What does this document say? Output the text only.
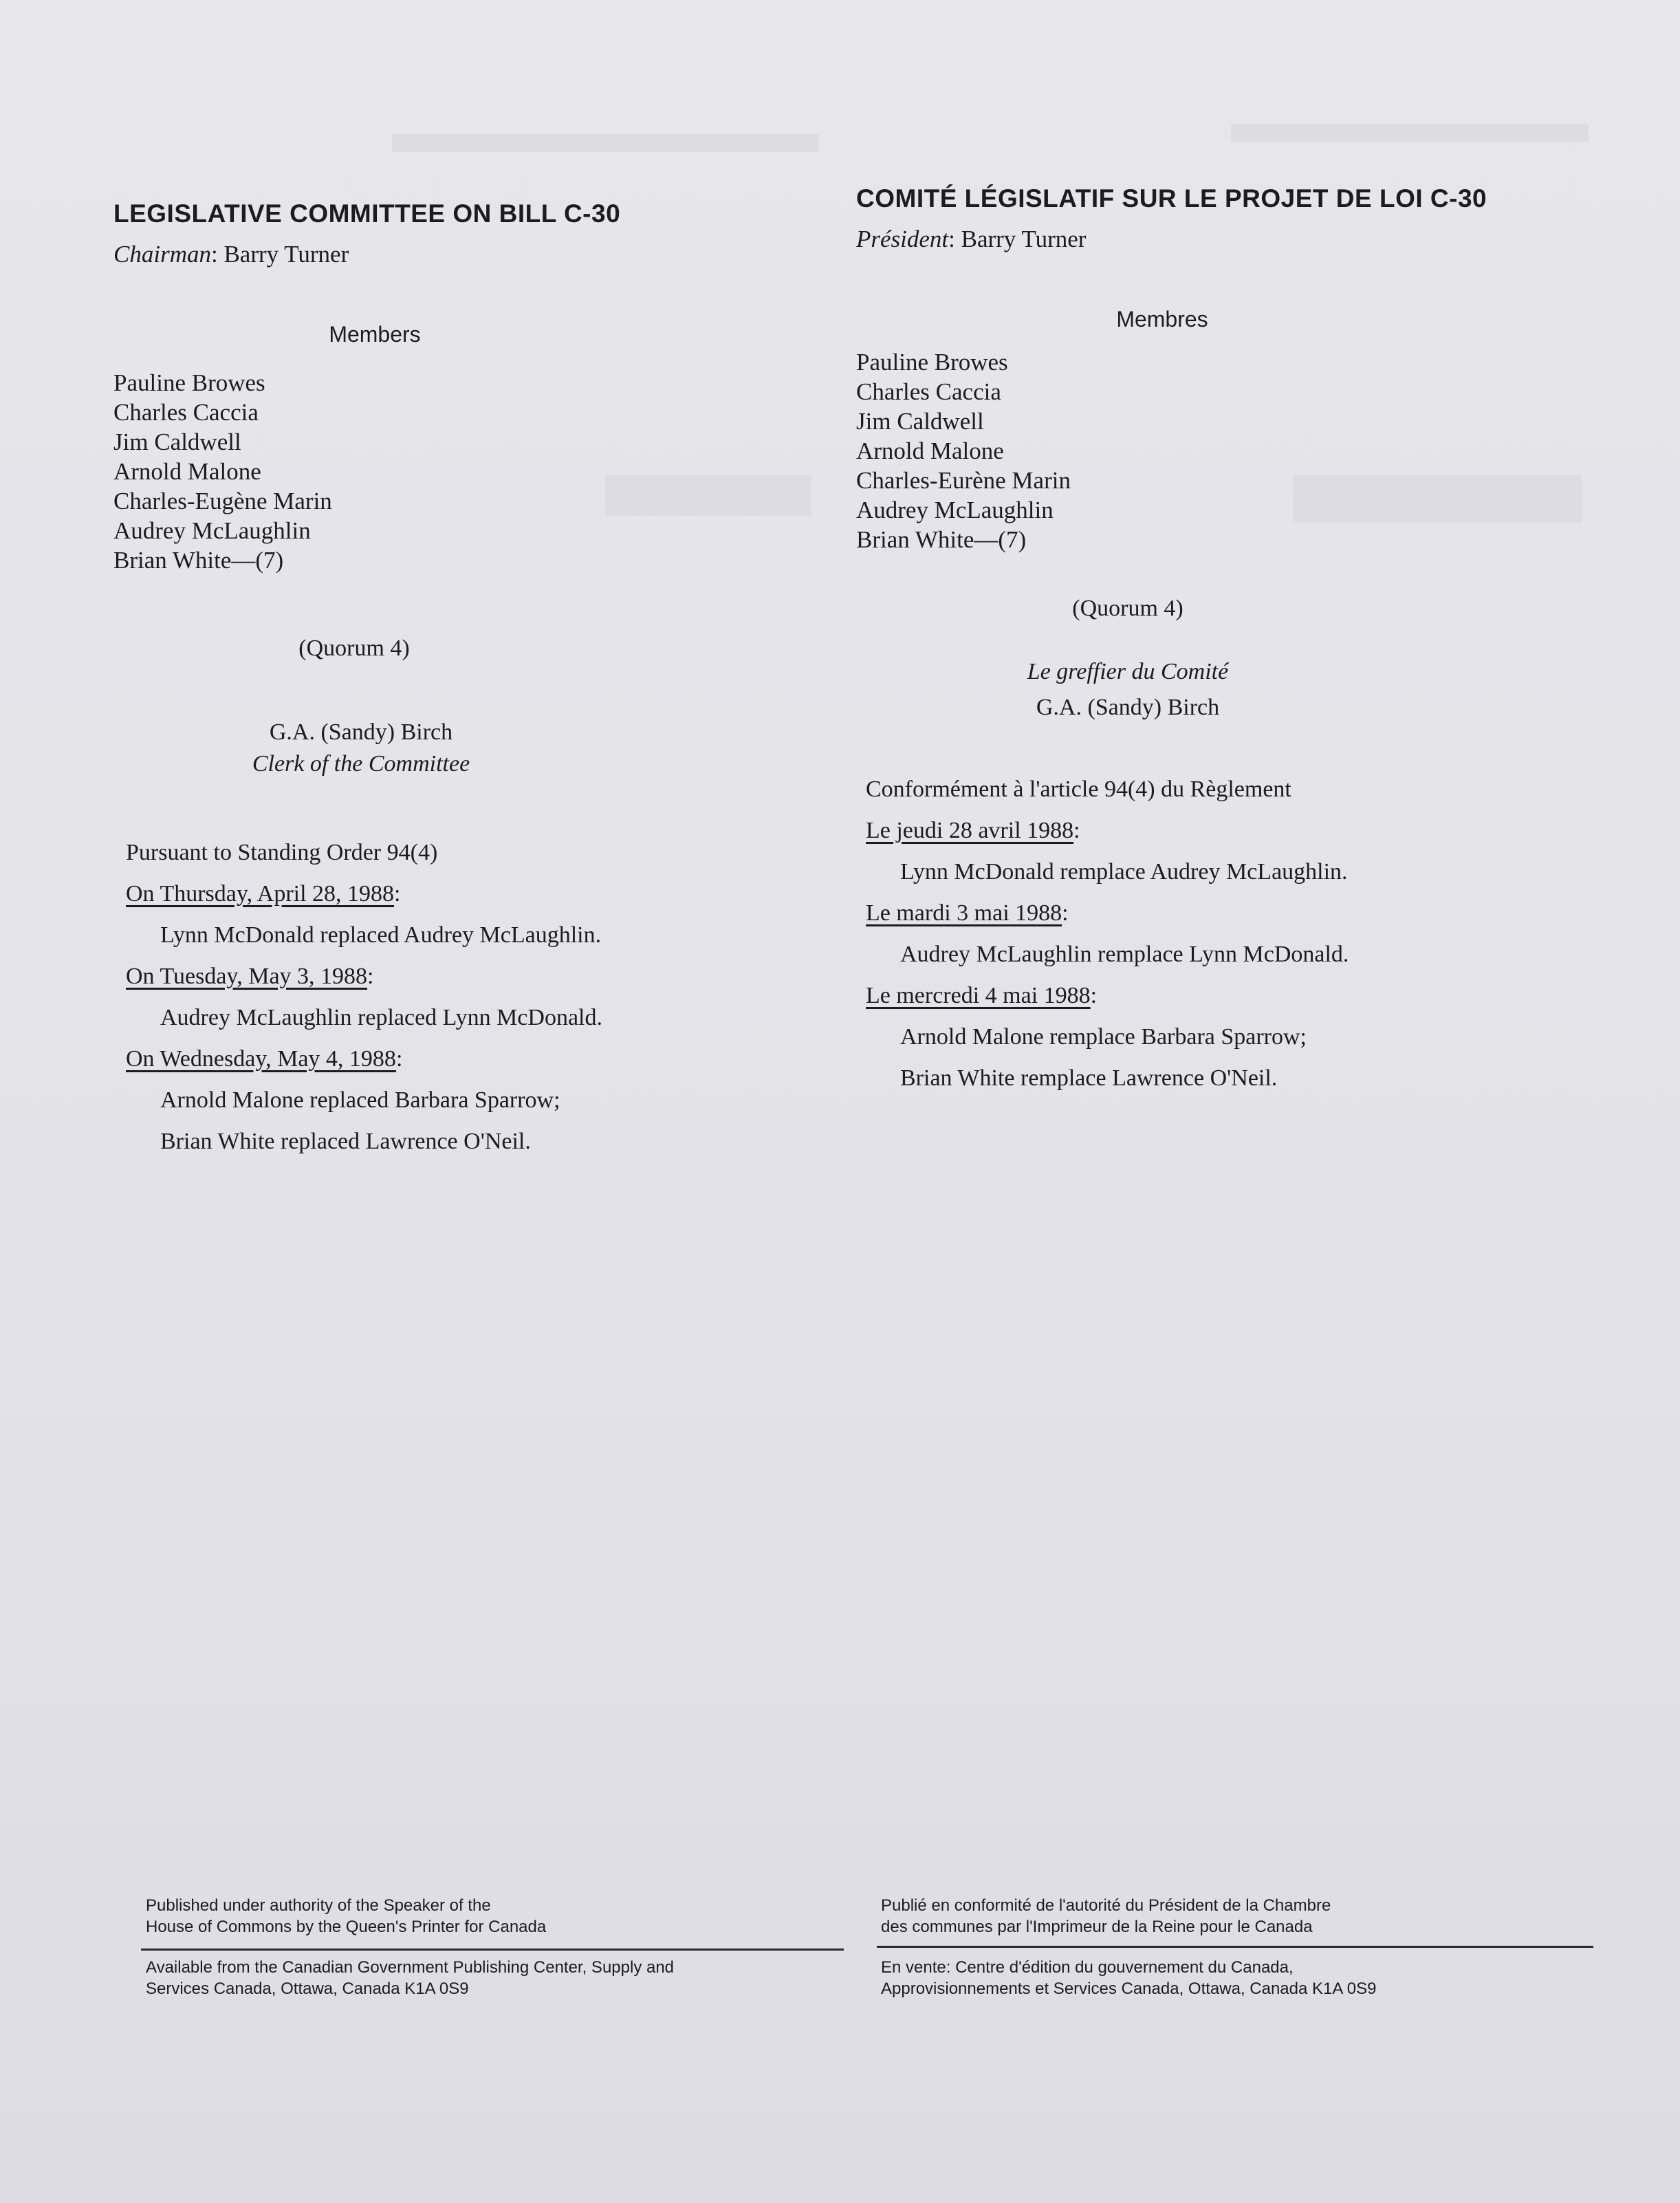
LEGISLATIVE COMMITTEE ON BILL C-30
Chairman: Barry Turner
Members
Pauline Browes
Charles Caccia
Jim Caldwell
Arnold Malone
Charles-Eugène Marin
Audrey McLaughlin
Brian White—(7)
(Quorum 4)
G.A. (Sandy) Birch
Clerk of the Committee
Pursuant to Standing Order 94(4)
On Thursday, April 28, 1988:
Lynn McDonald replaced Audrey McLaughlin.
On Tuesday, May 3, 1988:
Audrey McLaughlin replaced Lynn McDonald.
On Wednesday, May 4, 1988:
Arnold Malone replaced Barbara Sparrow;
Brian White replaced Lawrence O'Neil.
COMITÉ LÉGISLATIF SUR LE PROJET DE LOI C-30
Président: Barry Turner
Membres
Pauline Browes
Charles Caccia
Jim Caldwell
Arnold Malone
Charles-Eurène Marin
Audrey McLaughlin
Brian White—(7)
(Quorum 4)
Le greffier du Comité
G.A. (Sandy) Birch
Conformément à l'article 94(4) du Règlement
Le jeudi 28 avril 1988:
Lynn McDonald remplace Audrey McLaughlin.
Le mardi 3 mai 1988:
Audrey McLaughlin remplace Lynn McDonald.
Le mercredi 4 mai 1988:
Arnold Malone remplace Barbara Sparrow;
Brian White remplace Lawrence O'Neil.
Published under authority of the Speaker of the
House of Commons by the Queen's Printer for Canada
Available from the Canadian Government Publishing Center, Supply and
Services Canada, Ottawa, Canada K1A 0S9
Publié en conformité de l'autorité du Président de la Chambre
des communes par l'Imprimeur de la Reine pour le Canada
En vente: Centre d'édition du gouvernement du Canada,
Approvisionnements et Services Canada, Ottawa, Canada K1A 0S9
